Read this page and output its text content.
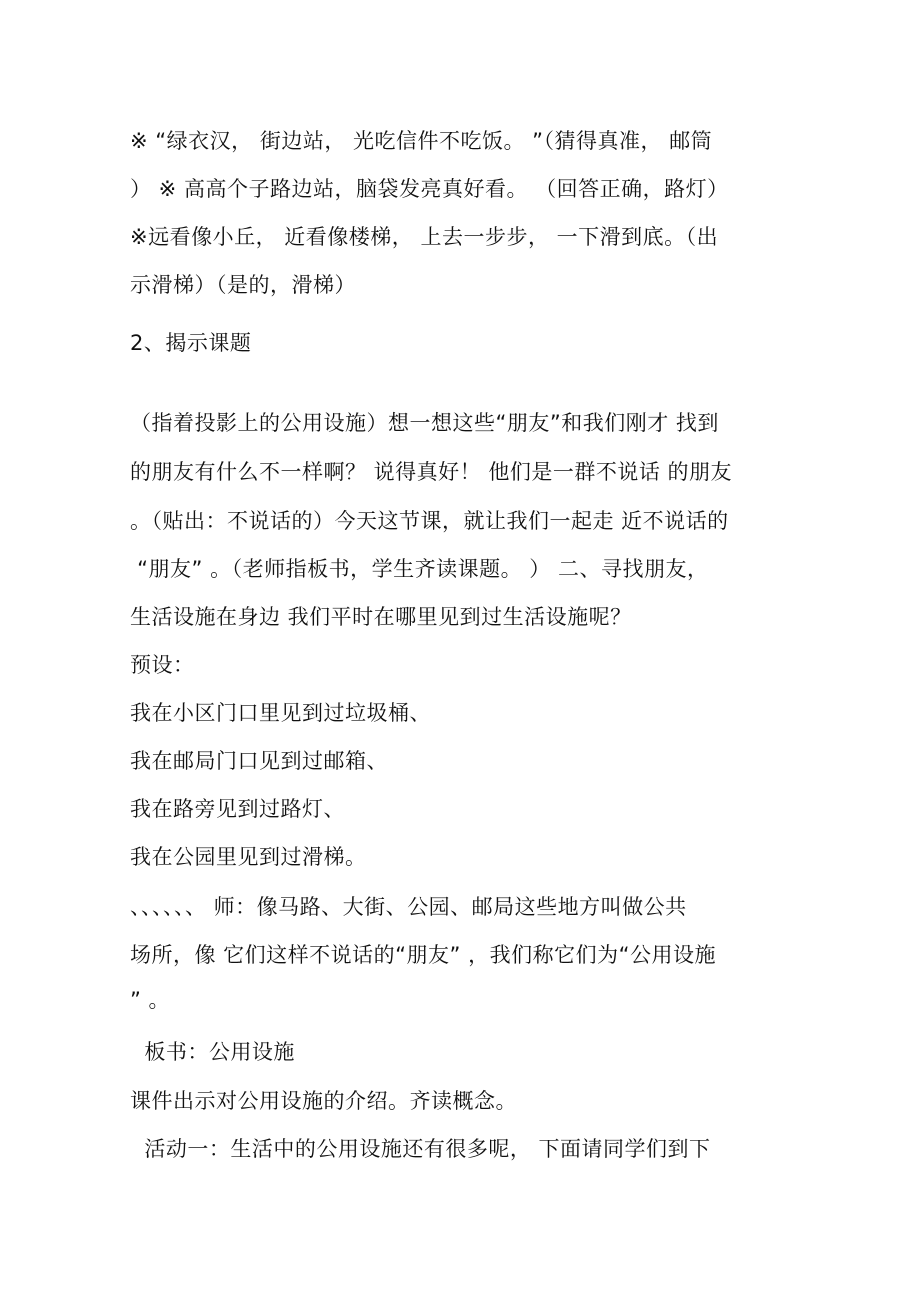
※ “绿衣汉， 街边站， 光吃信件不吃饭。 ”（猜得真准， 邮筒
） ※ 高高个子路边站，脑袋发亮真好看。 （回答正确，路灯）
※远看像小丘， 近看像楼梯， 上去一步步， 一下滑到底。（出
示滑梯）（是的，滑梯）
2、揭示课题
（指着投影上的公用设施）想一想这些“朋友”和我们刚才 找到
的朋友有什么不一样啊？ 说得真好！ 他们是一群不说话 的朋友
。（贴出：不说话的）今天这节课，就让我们一起走 近不说话的
“朋友” 。（老师指板书，学生齐读课题。 ） 二、寻找朋友，
生活设施在身边 我们平时在哪里见到过生活设施呢？
预设：
我在小区门口里见到过垃圾桶、
我在邮局门口见到过邮箱、
我在路旁见到过路灯、
我在公园里见到过滑梯。
、、、、、、 师：像马路、大街、公园、邮局这些地方叫做公共
场所，像 它们这样不说话的“朋友” ，我们称它们为“公用设施
” 。
板书：公用设施
课件出示对公用设施的介绍。齐读概念。
活动一：生活中的公用设施还有很多呢， 下面请同学们到下
